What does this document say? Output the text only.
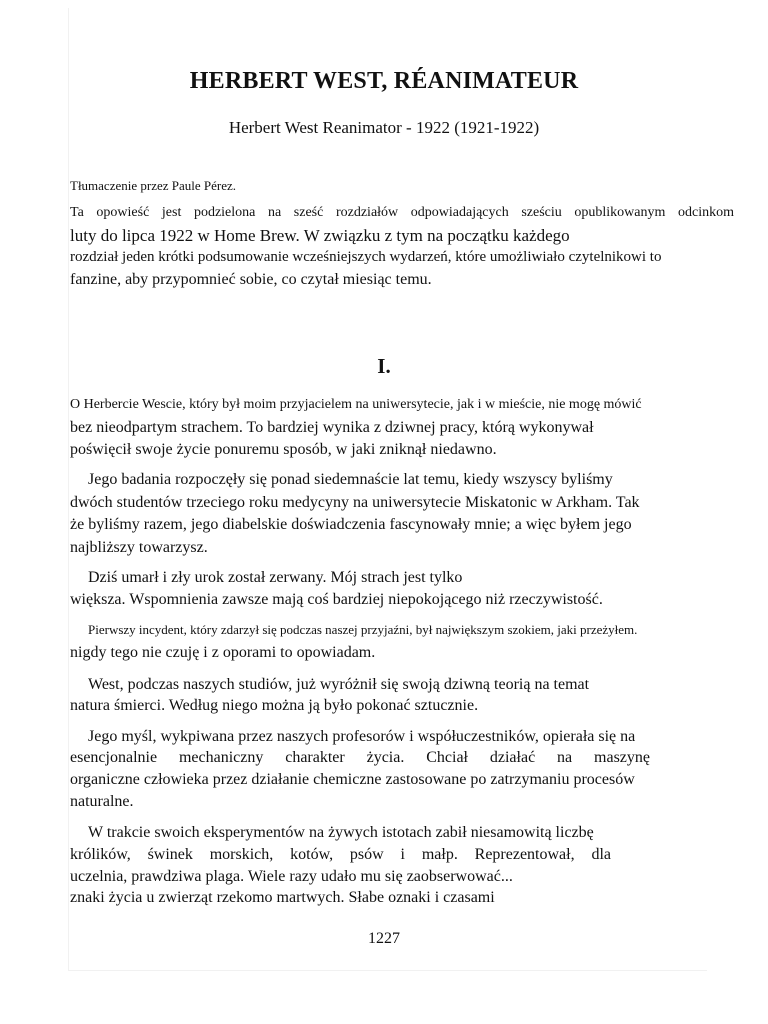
HERBERT WEST, RÉANIMATEUR
Herbert West Reanimator - 1922 (1921-1922)
Tłumaczenie przez Paule Pérez.
Ta opowieść jest podzielona na sześć rozdziałów odpowiadających sześciu opublikowanym odcinkom
luty do lipca 1922 w Home Brew. W związku z tym na początku każdego
rozdział jeden krótki podsumowanie wcześniejszych wydarzeń, które umożliwiało czytelnikowi to
fanzine, aby przypomnieć sobie, co czytał miesiąc temu.
I.
O Herbercie Wescie, który był moim przyjacielem na uniwersytecie, jak i w mieście, nie mogę mówić
bez nieodpartym strachem. To bardziej wynika z dziwnej pracy, którą wykonywał
poświęcił swoje życie ponuremu sposób, w jaki zniknął niedawno.
Jego badania rozpoczęły się ponad siedemnaście lat temu, kiedy wszyscy byliśmy
dwóch studentów trzeciego roku medycyny na uniwersytecie Miskatonic w Arkham. Tak
że byliśmy razem, jego diabelskie doświadczenia fascynowały mnie; a więc byłem jego
najbliższy towarzysz.
Dziś umarł i zły urok został zerwany. Mój strach jest tylko
większa. Wspomnienia zawsze mają coś bardziej niepokojącego niż rzeczywistość.
Pierwszy incydent, który zdarzył się podczas naszej przyjaźni, był największym szokiem, jaki przeżyłem.
nigdy tego nie czuję i z oporami to opowiadam.
West, podczas naszych studiów, już wyróżnił się swoją dziwną teorią na temat
natura śmierci. Według niego można ją było pokonać sztucznie.
Jego myśl, wykpiwana przez naszych profesorów i współuczestników, opierała się na
esencjonalnie mechaniczny charakter życia. Chciał działać na maszynę
organiczne człowieka przez działanie chemiczne zastosowane po zatrzymaniu procesów
naturalne.
W trakcie swoich eksperymentów na żywych istotach zabił niesamowitą liczbę
królików, świnek morskich, kotów, psów i małp. Reprezentował, dla
uczelnia, prawdziwa plaga. Wiele razy udało mu się zaobserwować...
znaki życia u zwierząt rzekomo martwych. Słabe oznaki i czasami
1227
